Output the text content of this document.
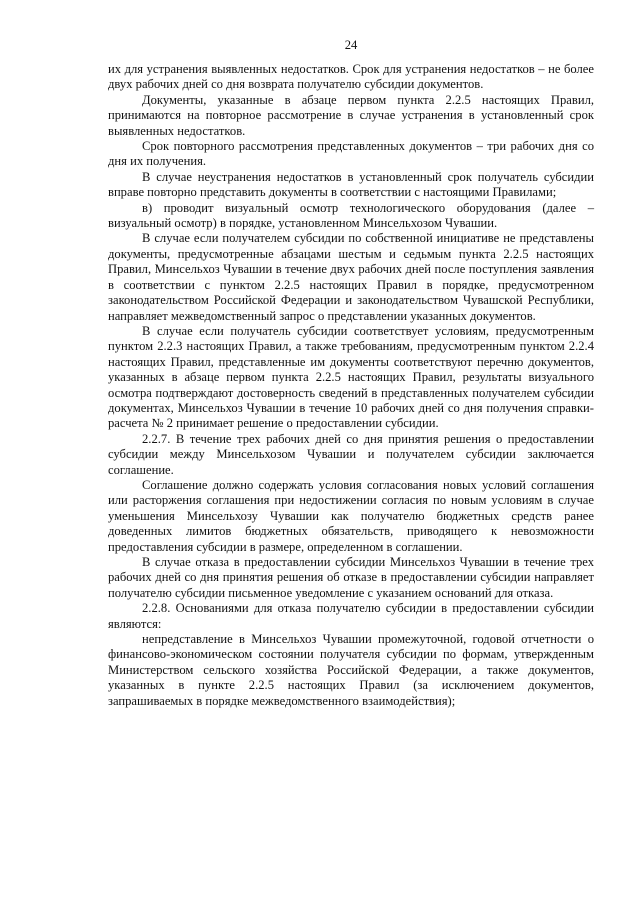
24

их для устранения выявленных недостатков. Срок для устранения недостатков – не более двух рабочих дней со дня возврата получателю субсидии документов.

Документы, указанные в абзаце первом пункта 2.2.5 настоящих Правил, принимаются на повторное рассмотрение в случае устранения в установленный срок выявленных недостатков.

Срок повторного рассмотрения представленных документов – три рабочих дня со дня их получения.

В случае неустранения недостатков в установленный срок получатель субсидии вправе повторно представить документы в соответствии с настоящими Правилами;

в) проводит визуальный осмотр технологического оборудования (далее – визуальный осмотр) в порядке, установленном Минсельхозом Чувашии.

В случае если получателем субсидии по собственной инициативе не представлены документы, предусмотренные абзацами шестым и седьмым пункта 2.2.5 настоящих Правил, Минсельхоз Чувашии в течение двух рабочих дней после поступления заявления в соответствии с пунктом 2.2.5 настоящих Правил в порядке, предусмотренном законодательством Российской Федерации и законодательством Чувашской Республики, направляет межведомственный запрос о представлении указанных документов.

В случае если получатель субсидии соответствует условиям, предусмотренным пунктом 2.2.3 настоящих Правил, а также требованиям, предусмотренным пунктом 2.2.4 настоящих Правил, представленные им документы соответствуют перечню документов, указанных в абзаце первом пункта 2.2.5 настоящих Правил, результаты визуального осмотра подтверждают достоверность сведений в представленных получателем субсидии документах, Минсельхоз Чувашии в течение 10 рабочих дней со дня получения справки-расчета № 2 принимает решение о предоставлении субсидии.

2.2.7. В течение трех рабочих дней со дня принятия решения о предоставлении субсидии между Минсельхозом Чувашии и получателем субсидии заключается соглашение.

Соглашение должно содержать условия согласования новых условий соглашения или расторжения соглашения при недостижении согласия по новым условиям в случае уменьшения Минсельхозу Чувашии как получателю бюджетных средств ранее доведенных лимитов бюджетных обязательств, приводящего к невозможности предоставления субсидии в размере, определенном в соглашении.

В случае отказа в предоставлении субсидии Минсельхоз Чувашии в течение трех рабочих дней со дня принятия решения об отказе в предоставлении субсидии направляет получателю субсидии письменное уведомление с указанием оснований для отказа.

2.2.8. Основаниями для отказа получателю субсидии в предоставлении субсидии являются:

непредставление в Минсельхоз Чувашии промежуточной, годовой отчетности о финансово-экономическом состоянии получателя субсидии по формам, утвержденным Министерством сельского хозяйства Российской Федерации, а также документов, указанных в пункте 2.2.5 настоящих Правил (за исключением документов, запрашиваемых в порядке межведомственного взаимодействия);
